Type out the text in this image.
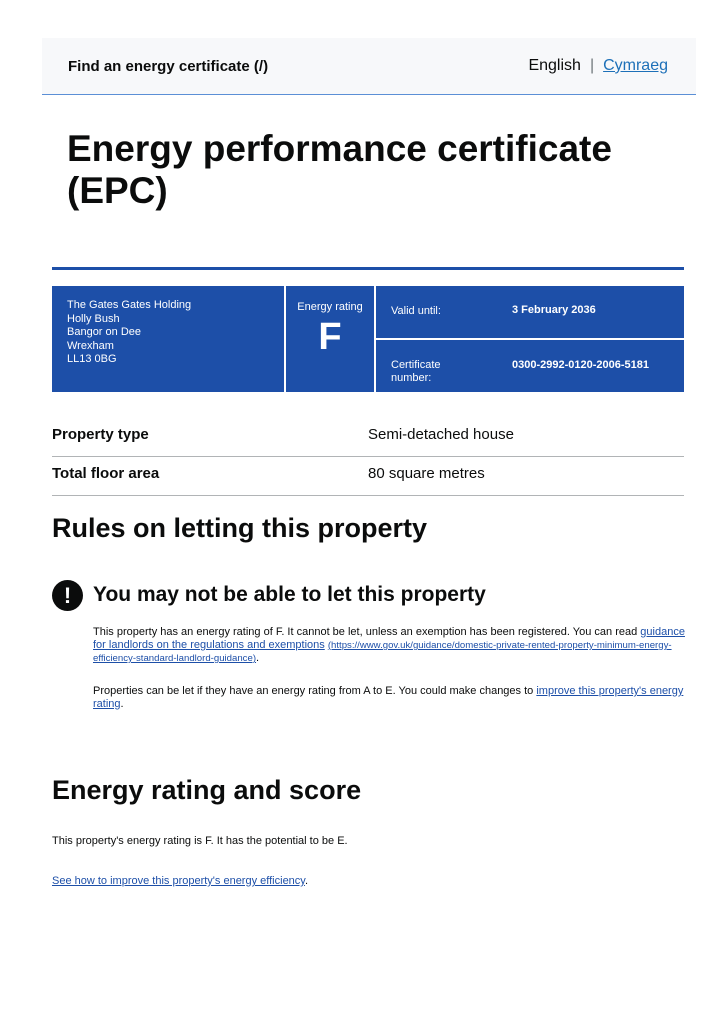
Find an energy certificate (/)	English | Cymraeg
Energy performance certificate (EPC)
The Gates Gates Holding
Holly Bush
Bangor on Dee
Wrexham
LL13 0BG
Energy rating
F
Valid until:	3 February 2036
Certificate number:
0300-2992-0120-2006-5181
Property type	Semi-detached house
Total floor area	80 square metres
Rules on letting this property
!	You may not be able to let this property

This property has an energy rating of F. It cannot be let, unless an exemption has been registered. You can read guidance for landlords on the regulations and exemptions (https://www.gov.uk/guidance/domestic-private-rented-property-minimum-energy-efficiency-standard-landlord-guidance).

Properties can be let if they have an energy rating from A to E. You could make changes to improve this property's energy rating.

Energy rating and score

This property's energy rating is F. It has the potential to be E.

See how to improve this property's energy efficiency.
